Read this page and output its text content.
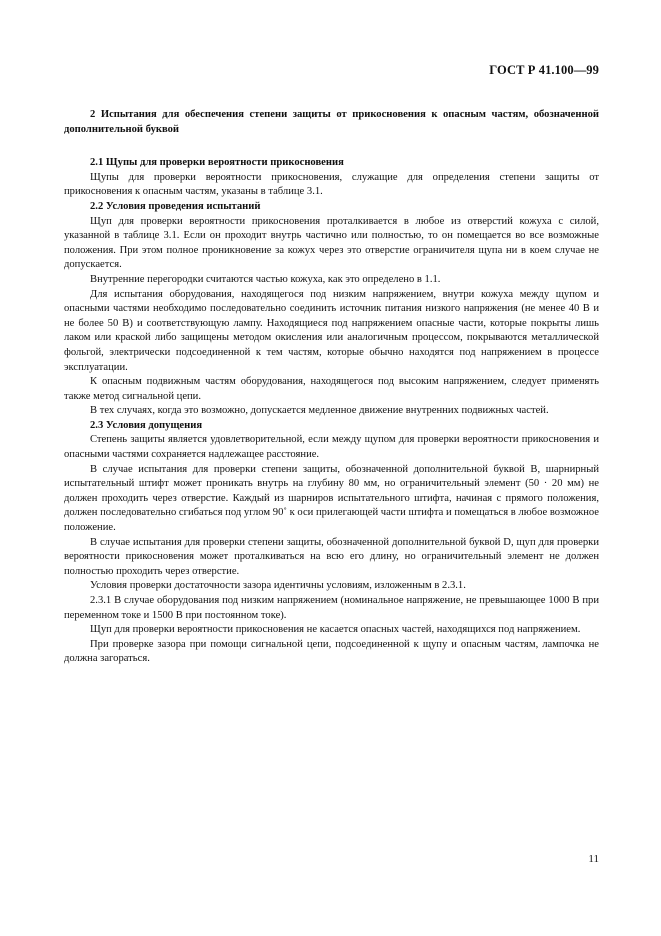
ГОСТ Р 41.100—99
2 Испытания для обеспечения степени защиты от прикосновения к опасным частям, обозначенной дополнительной буквой
2.1 Щупы для проверки вероятности прикосновения

Щупы для проверки вероятности прикосновения, служащие для определения степени защиты от прикосновения к опасным частям, указаны в таблице 3.1.

2.2 Условия проведения испытаний

Щуп для проверки вероятности прикосновения проталкивается в любое из отверстий кожуха с силой, указанной в таблице 3.1. Если он проходит внутрь частично или полностью, то он помещается во все возможные положения. При этом полное проникновение за кожух через это отверстие ограничителя щупа ни в коем случае не допускается.

Внутренние перегородки считаются частью кожуха, как это определено в 1.1.

Для испытания оборудования, находящегося под низким напряжением, внутри кожуха между щупом и опасными частями необходимо последовательно соединить источник питания низкого напряжения (не менее 40 В и не более 50 В) и соответствующую лампу. Находящиеся под напряжением опасные части, которые покрыты лишь лаком или краской либо защищены методом окисления или аналогичным процессом, покрываются металлической фольгой, электрически подсоединенной к тем частям, которые обычно находятся под напряжением в процессе эксплуатации.

К опасным подвижным частям оборудования, находящегося под высоким напряжением, следует применять также метод сигнальной цепи.

В тех случаях, когда это возможно, допускается медленное движение внутренних подвижных частей.

2.3 Условия допущения

Степень защиты является удовлетворительной, если между щупом для проверки вероятности прикосновения и опасными частями сохраняется надлежащее расстояние.

В случае испытания для проверки степени защиты, обозначенной дополнительной буквой В, шарнирный испытательный штифт может проникать внутрь на глубину 80 мм, но ограничительный элемент (50 · 20 мм) не должен проходить через отверстие. Каждый из шарниров испытательного штифта, начиная с прямого положения, должен последовательно сгибаться под углом 90˚ к оси прилегающей части штифта и помещаться в любое возможное положение.

В случае испытания для проверки степени защиты, обозначенной дополнительной буквой D, щуп для проверки вероятности прикосновения может проталкиваться на всю его длину, но ограничительный элемент не должен полностью проходить через отверстие.

Условия проверки достаточности зазора идентичны условиям, изложенным в 2.3.1.

2.3.1 В случае оборудования под низким напряжением (номинальное напряжение, не превышающее 1000 В при переменном токе и 1500 В при постоянном токе).

Щуп для проверки вероятности прикосновения не касается опасных частей, находящихся под напряжением.

При проверке зазора при помощи сигнальной цепи, подсоединенной к щупу и опасным частям, лампочка не должна загораться.

11
